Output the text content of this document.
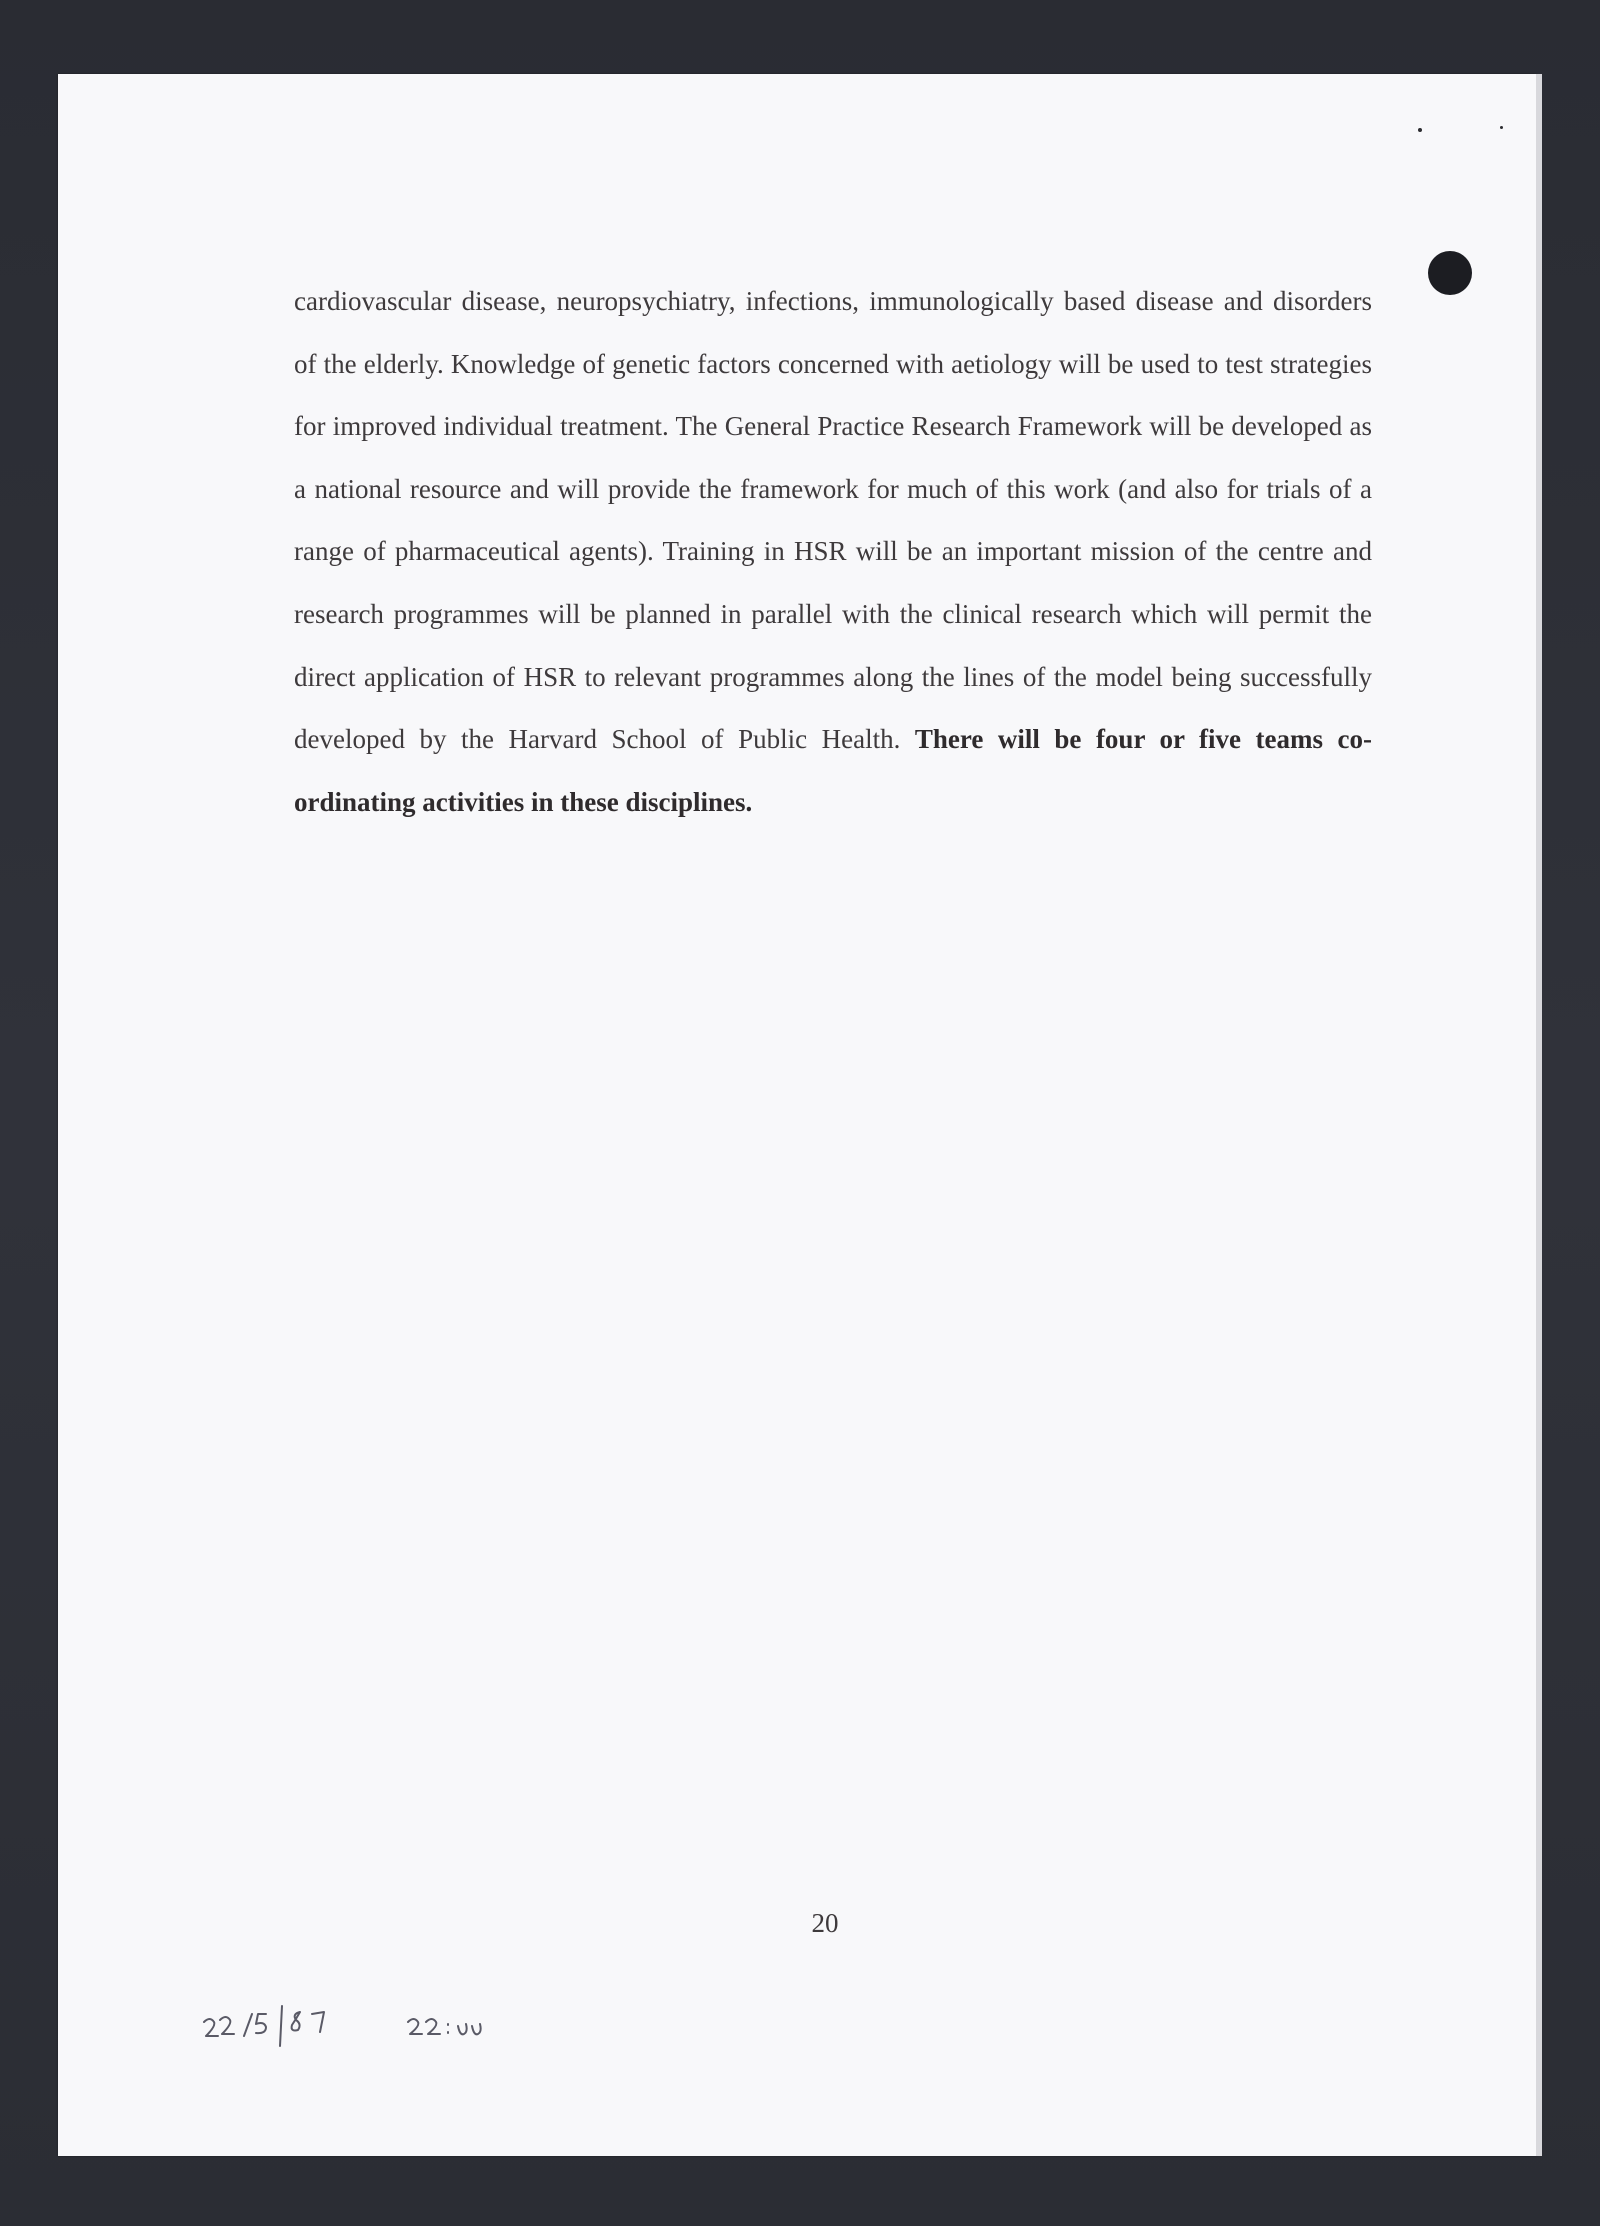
cardiovascular disease, neuropsychiatry, infections, immunologically based disease and disorders of the elderly. Knowledge of genetic factors concerned with aetiology will be used to test strategies for improved individual treatment. The General Practice Research Framework will be developed as a national resource and will provide the framework for much of this work (and also for trials of a range of pharmaceutical agents). Training in HSR will be an important mission of the centre and research programmes will be planned in parallel with the clinical research which will permit the direct application of HSR to relevant programmes along the lines of the model being successfully developed by the Harvard School of Public Health. There will be four or five teams co-ordinating activities in these disciplines.

20
